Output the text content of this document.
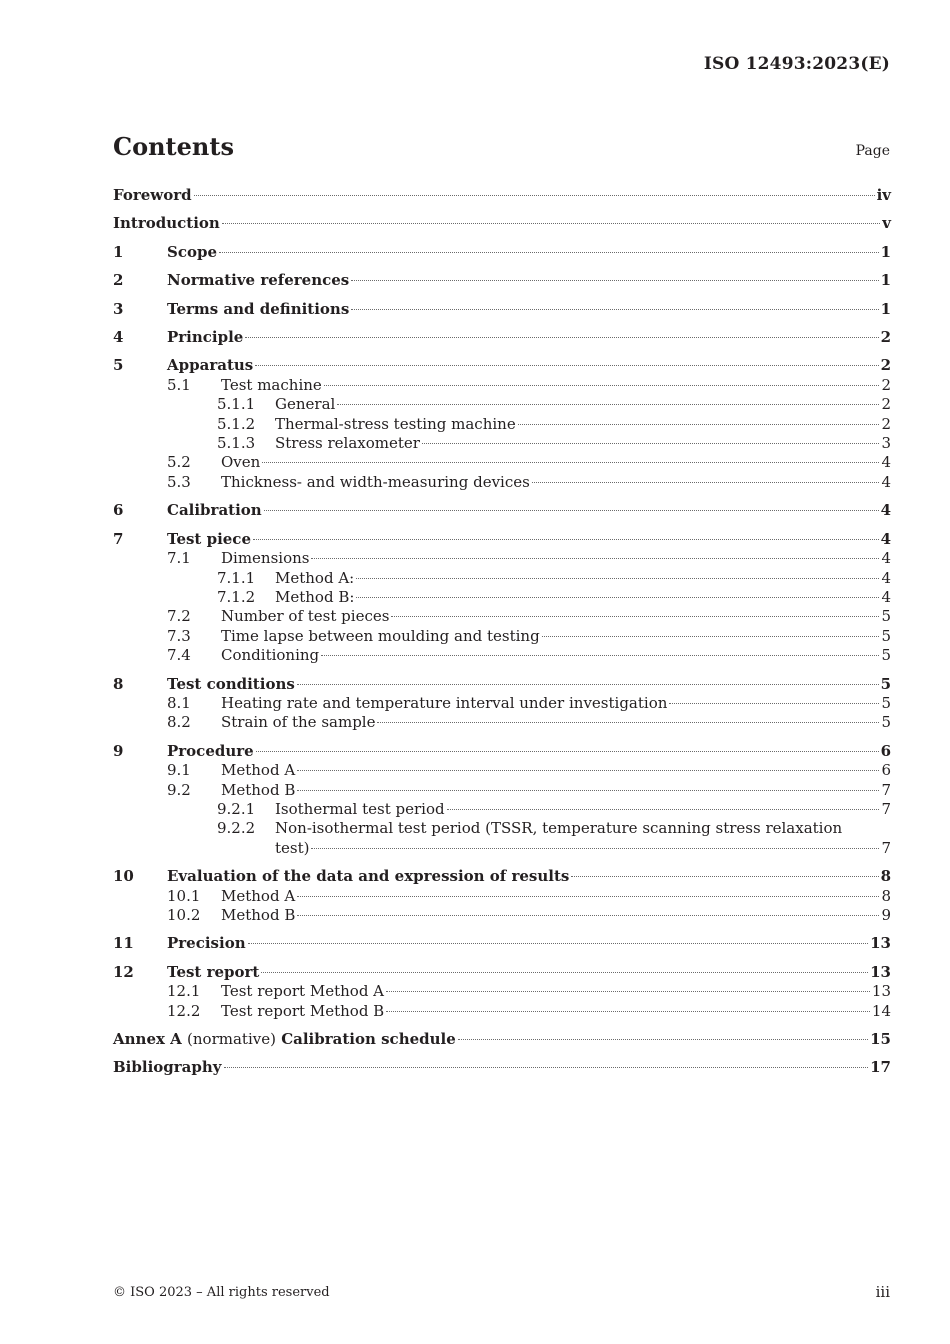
ISO 12493:2023(E)
Contents	Page
Foreword	iv
Introduction	v
1	Scope	1
2	Normative references	1
3	Terms and definitions	1
4	Principle	2
5	Apparatus	2
5.1	Test machine	2
5.1.1	General	2
5.1.2	Thermal-stress testing machine	2
5.1.3	Stress relaxometer	3
5.2	Oven	4
5.3	Thickness- and width-measuring devices	4
6	Calibration	4
7	Test piece	4
7.1	Dimensions	4
7.1.1	Method A:	4
7.1.2	Method B:	4
7.2	Number of test pieces	5
7.3	Time lapse between moulding and testing	5
7.4	Conditioning	5
8	Test conditions	5
8.1	Heating rate and temperature interval under investigation	5
8.2	Strain of the sample	5
9	Procedure	6
9.1	Method A	6
9.2	Method B	7
9.2.1	Isothermal test period	7
9.2.2	Non-isothermal test period (TSSR, temperature scanning stress relaxation
test)	7
10	Evaluation of the data and expression of results	8
10.1	Method A	8
10.2	Method B	9
11	Precision	13
12	Test report	13
12.1	Test report Method A	13
12.2	Test report Method B	14
Annex A (normative) Calibration schedule	15
Bibliography	17
© ISO 2023 – All rights reserved	iii
